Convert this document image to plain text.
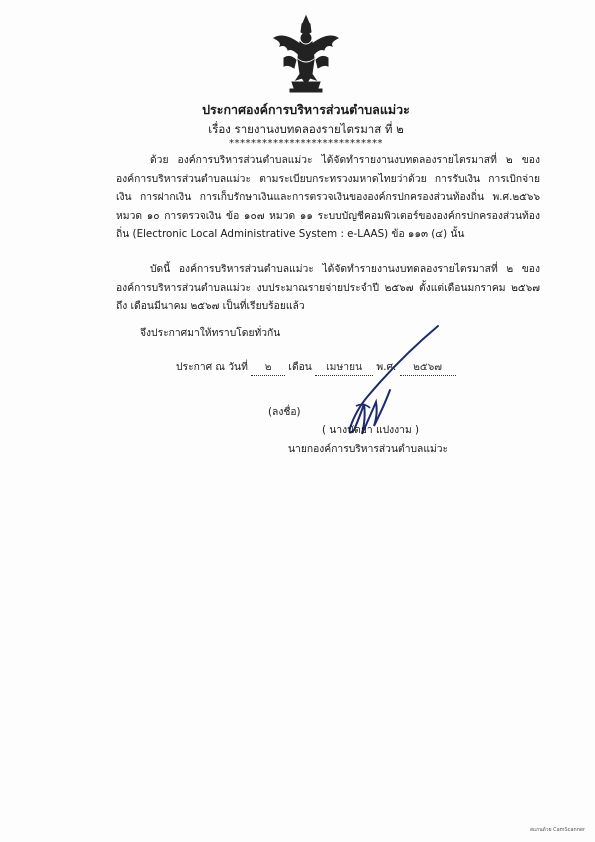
ประกาศองค์การบริหารส่วนตำบลแม่วะ
เรื่อง รายงานงบทดลองรายไตรมาส ที่ ๒
****************************
ด้วย องค์การบริหารส่วนตำบลแม่วะ ได้จัดทำรายงานงบทดลองรายไตรมาสที่ ๒ ของ องค์การบริหารส่วนตำบลแม่วะ ตามระเบียบกระทรวงมหาดไทยว่าด้วย การรับเงิน การเบิกจ่ายเงิน การฝากเงิน การเก็บรักษาเงินและการตรวจเงินขององค์กรปกครองส่วนท้องถิ่น พ.ศ.๒๕๖๖ หมวด ๑๐ การตรวจเงิน ข้อ ๑๐๗ หมวด ๑๑ ระบบบัญชีคอมพิวเตอร์ขององค์กรปกครองส่วนท้องถิ่น (Electronic Local Administrative System : e-LAAS) ข้อ ๑๑๓ (๔) นั้น
บัดนี้ องค์การบริหารส่วนตำบลแม่วะ ได้จัดทำรายงานงบทดลองรายไตรมาสที่ ๒ ของ องค์การบริหารส่วนตำบลแม่วะ งบประมาณรายจ่ายประจำปี ๒๕๖๗ ตั้งแต่เดือนมกราคม ๒๕๖๗ ถึง เดือนมีนาคม ๒๕๖๗ เป็นที่เรียบร้อยแล้ว
จึงประกาศมาให้ทราบโดยทั่วกัน
ประกาศ ณ วันที่ ๒ เดือน เมษายน พ.ศ. ๒๕๖๗
(ลงชื่อ)
( นางนัดยา แปงงาม )
นายกองค์การบริหารส่วนตำบลแม่วะ
สแกนด้วย CamScanner
